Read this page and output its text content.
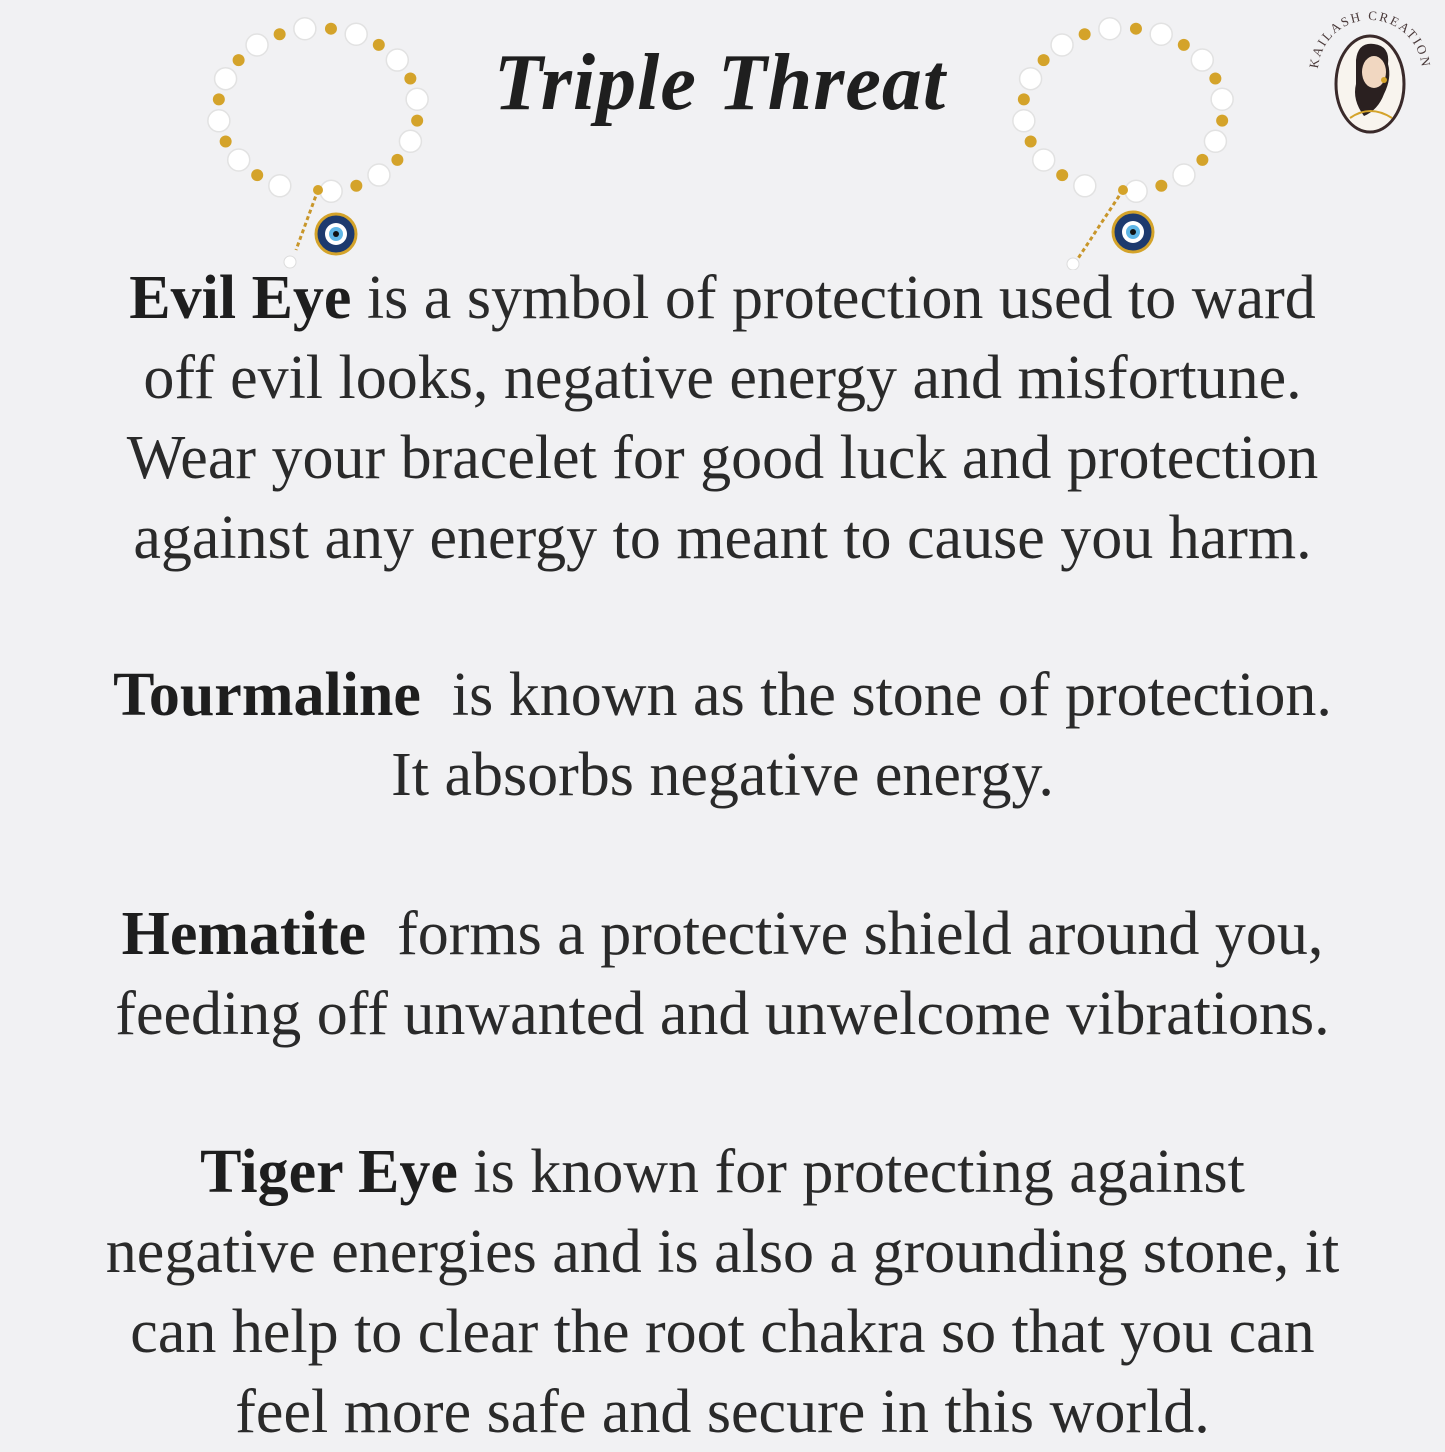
Triple Threat	KAILASH CREATION
Evil Eye is a symbol of protection used to ward
off evil looks, negative energy and misfortune.
Wear your bracelet for good luck and protection
against any energy to meant to cause you harm.
Tourmaline  is known as the stone of protection.
It absorbs negative energy.
Hematite  forms a protective shield around you,
feeding off unwanted and unwelcome vibrations.
Tiger Eye is known for protecting against
negative energies and is also a grounding stone, it
can help to clear the root chakra so that you can
feel more safe and secure in this world.
